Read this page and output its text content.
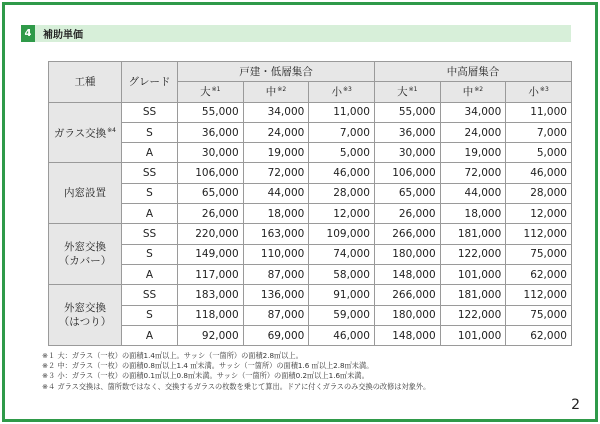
4	補助単価
工種	グレード	戸建・低層集合			中高層集合		
		大$^{※1}$	中$^{※2}$	小$^{※3}$	大$^{※1}$	中$^{※2}$	小$^{※3}$
ガラス交換$^{※4}$	SS	55,000	34,000	11,000	55,000	34,000	11,000
	S	36,000	24,000	7,000	36,000	24,000	7,000
	A	30,000	19,000	5,000	30,000	19,000	5,000
内窓設置	SS	106,000	72,000	46,000	106,000	72,000	46,000
	S	65,000	44,000	28,000	65,000	44,000	28,000
	A	26,000	18,000	12,000	26,000	18,000	12,000
外窓交換
（カバー）	SS	220,000	163,000	109,000	266,000	181,000	112,000
	S	149,000	110,000	74,000	180,000	122,000	75,000
	A	117,000	87,000	58,000	148,000	101,000	62,000
外窓交換
（はつり）	SS	183,000	136,000	91,000	266,000	181,000	112,000
	S	118,000	87,000	59,000	180,000	122,000	75,000
	A	92,000	69,000	46,000	148,000	101,000	62,000
※１ 大：ガラス（一枚）の面積1.4㎡以上。サッシ（一箇所）の面積2.8㎡以上。
※２ 中：ガラス（一枚）の面積0.8㎡以上1.4 ㎡未満。サッシ（一箇所）の面積1.6 ㎡以上2.8㎡未満。
※３ 小：ガラス（一枚）の面積0.1㎡以上0.8㎡未満。サッシ（一箇所）の面積0.2㎡以上1.6㎡未満。
※４ ガラス交換は、箇所数ではなく、交換するガラスの枚数を乗じて算出。ドアに付くガラスのみ交換の改修は対象外。
2
